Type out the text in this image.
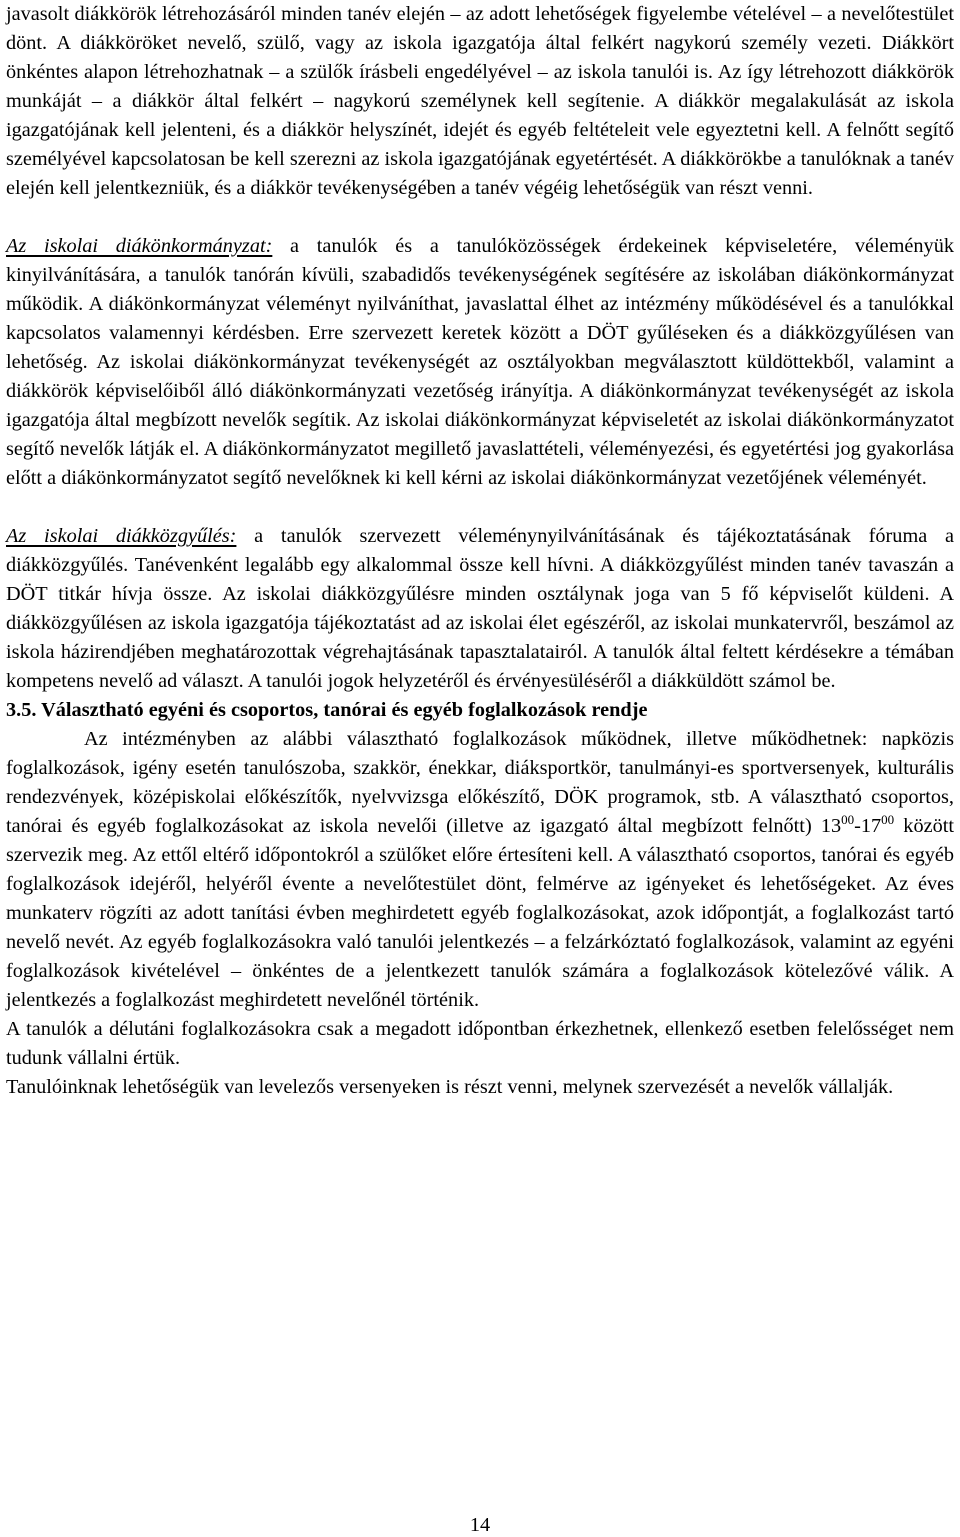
javasolt diákkörök létrehozásáról minden tanév elején – az adott lehetőségek figyelembe vételével – a nevelőtestület dönt. A diákköröket nevelő, szülő, vagy az iskola igazgatója által felkért nagykorú személy vezeti. Diákkört önkéntes alapon létrehozhatnak – a szülők írásbeli engedélyével – az iskola tanulói is. Az így létrehozott diákkörök munkáját – a diákkör által felkért – nagykorú személynek kell segítenie. A diákkör megalakulását az iskola igazgatójának kell jelenteni, és a diákkör helyszínét, idejét és egyéb feltételeit vele egyeztetni kell. A felnőtt segítő személyével kapcsolatosan be kell szerezni az iskola igazgatójának egyetértését. A diákkörökbe a tanulóknak a tanév elején kell jelentkezniük, és a diákkör tevékenységében a tanév végéig lehetőségük van részt venni.

Az iskolai diákönkormányzat: a tanulók és a tanulóközösségek érdekeinek képviseletére, véleményük kinyilvánítására, a tanulók tanórán kívüli, szabadidős tevékenységének segítésére az iskolában diákönkormányzat működik. A diákönkormányzat véleményt nyilváníthat, javaslattal élhet az intézmény működésével és a tanulókkal kapcsolatos valamennyi kérdésben. Erre szervezett keretek között a DÖT gyűléseken és a diákközgyűlésen van lehetőség. Az iskolai diákönkormányzat tevékenységét az osztályokban megválasztott küldöttekből, valamint a diákkörök képviselőiből álló diákönkormányzati vezetőség irányítja. A diákönkormányzat tevékenységét az iskola igazgatója által megbízott nevelők segítik. Az iskolai diákönkormányzat képviseletét az iskolai diákönkormányzatot segítő nevelők látják el. A diákönkormányzatot megillető javaslattételi, véleményezési, és egyetértési jog gyakorlása előtt a diákönkormányzatot segítő nevelőknek ki kell kérni az iskolai diákönkormányzat vezetőjének véleményét.

Az iskolai diákközgyűlés: a tanulók szervezett véleménynyilvánításának és tájékoztatásának fóruma a diákközgyűlés. Tanévenként legalább egy alkalommal össze kell hívni. A diákközgyűlést minden tanév tavaszán a DÖT titkár hívja össze. Az iskolai diákközgyűlésre minden osztálynak joga van 5 fő képviselőt küldeni. A diákközgyűlésen az iskola igazgatója tájékoztatást ad az iskolai élet egészéről, az iskolai munkatervről, beszámol az iskola házirendjében meghatározottak végrehajtásának tapasztalatairól. A tanulók által feltett kérdésekre a témában kompetens nevelő ad választ. A tanulói jogok helyzetéről és érvényesüléséről a diákküldött számol be.

3.5. Választható egyéni és csoportos, tanórai és egyéb foglalkozások rendje

Az intézményben az alábbi választható foglalkozások működnek, illetve működhetnek: napközis foglalkozások, igény esetén tanulószoba, szakkör, énekkar, diáksportkör, tanulmányi-es sportversenyek, kulturális rendezvények, középiskolai előkészítők, nyelvvizsga előkészítő, DÖK programok, stb. A választható csoportos, tanórai és egyéb foglalkozásokat az iskola nevelői (illetve az igazgató által megbízott felnőtt) $13^{00}-17^{00}$ között szervezik meg. Az ettől eltérő időpontokról a szülőket előre értesíteni kell. A választható csoportos, tanórai és egyéb foglalkozások idejéről, helyéről évente a nevelőtestület dönt, felmérve az igényeket és lehetőségeket. Az éves munkaterv rögzíti az adott tanítási évben meghirdetett egyéb foglalkozásokat, azok időpontját, a foglalkozást tartó nevelő nevét. Az egyéb foglalkozásokra való tanulói jelentkezés – a felzárkóztató foglalkozások, valamint az egyéni foglalkozások kivételével – önkéntes de a jelentkezett tanulók számára a foglalkozások kötelezővé válik. A jelentkezés a foglalkozást meghirdetett nevelőnél történik.

A tanulók a délutáni foglalkozásokra csak a megadott időpontban érkezhetnek, ellenkező esetben felelősséget nem tudunk vállalni értük.

Tanulóinknak lehetőségük van levelezős versenyeken is részt venni, melynek szervezését a nevelők vállalják.

14
